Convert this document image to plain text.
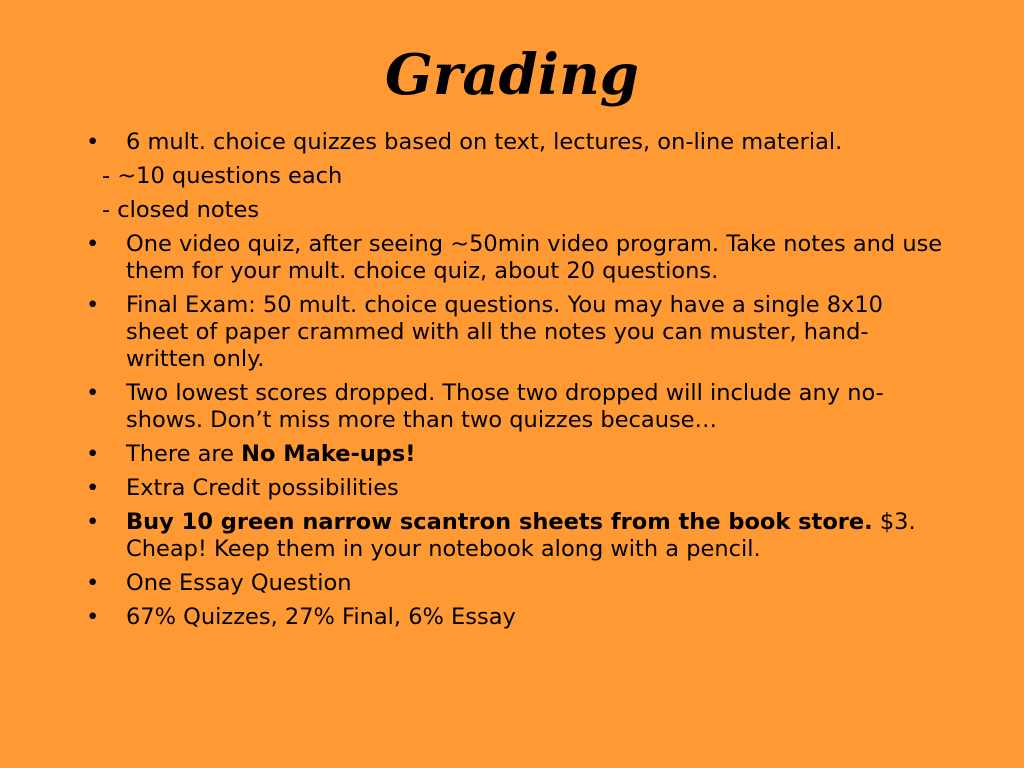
Grading
• 6 mult. choice quizzes based on text, lectures, on-line material.
- ~10 questions each
- closed notes
• One video quiz, after seeing ~50min video program. Take notes and use them for your mult. choice quiz, about 20 questions.
• Final Exam: 50 mult. choice questions. You may have a single 8x10 sheet of paper crammed with all the notes you can muster, hand-written only.
• Two lowest scores dropped. Those two dropped will include any no-shows. Don’t miss more than two quizzes because…
• There are No Make-ups!
• Extra Credit possibilities
• Buy 10 green narrow scantron sheets from the book store. $3. Cheap! Keep them in your notebook along with a pencil.
• One Essay Question
• 67% Quizzes, 27% Final, 6% Essay
